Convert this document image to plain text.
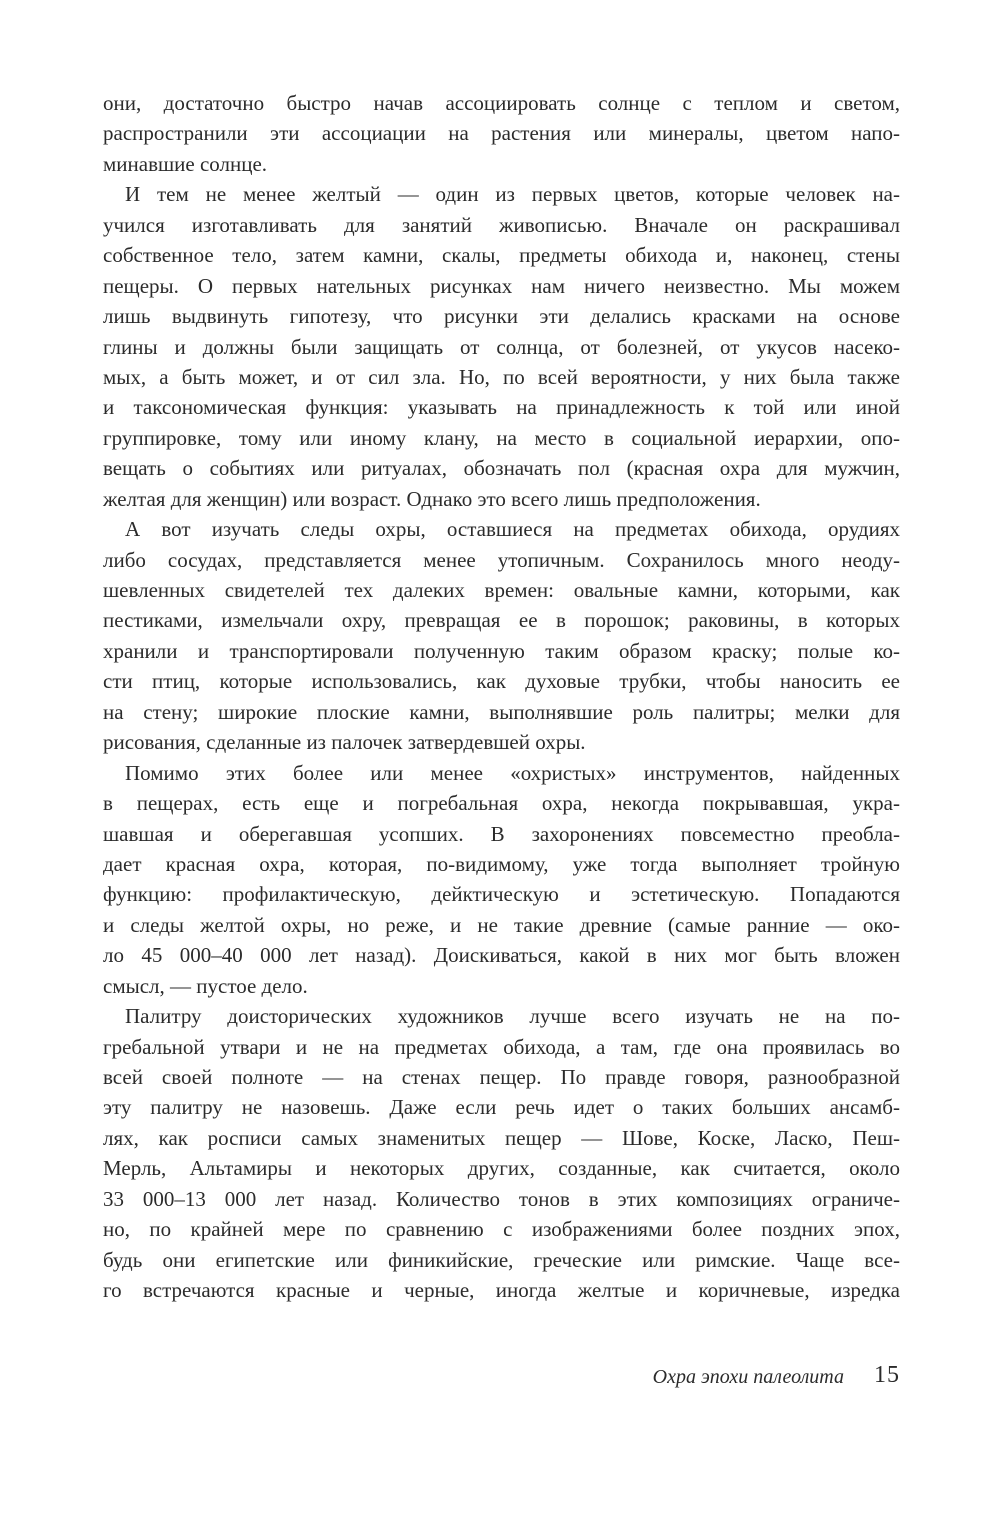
они, достаточно быстро начав ассоциировать солнце с теплом и светом,
распространили эти ассоциации на растения или минералы, цветом напо-
минавшие солнце.
И тем не менее желтый — один из первых цветов, которые человек на-
учился изготавливать для занятий живописью. Вначале он раскрашивал
собственное тело, затем камни, скалы, предметы обихода и, наконец, стены
пещеры. О первых нательных рисунках нам ничего неизвестно. Мы можем
лишь выдвинуть гипотезу, что рисунки эти делались красками на основе
глины и должны были защищать от солнца, от болезней, от укусов насеко-
мых, а быть может, и от сил зла. Но, по всей вероятности, у них была также
и таксономическая функция: указывать на принадлежность к той или иной
группировке, тому или иному клану, на место в социальной иерархии, опо-
вещать о событиях или ритуалах, обозначать пол (красная охра для мужчин,
желтая для женщин) или возраст. Однако это всего лишь предположения.
А вот изучать следы охры, оставшиеся на предметах обихода, орудиях
либо сосудах, представляется менее утопичным. Сохранилось много неоду-
шевленных свидетелей тех далеких времен: овальные камни, которыми, как
пестиками, измельчали охру, превращая ее в порошок; раковины, в которых
хранили и транспортировали полученную таким образом краску; полые ко-
сти птиц, которые использовались, как духовые трубки, чтобы наносить ее
на стену; широкие плоские камни, выполнявшие роль палитры; мелки для
рисования, сделанные из палочек затвердевшей охры.
Помимо этих более или менее «охристых» инструментов, найденных
в пещерах, есть еще и погребальная охра, некогда покрывавшая, укра-
шавшая и оберегавшая усопших. В захоронениях повсеместно преобла-
дает красная охра, которая, по-видимому, уже тогда выполняет тройную
функцию: профилактическую, дейктическую и эстетическую. Попадаются
и следы желтой охры, но реже, и не такие древние (самые ранние — око-
ло 45 000–40 000 лет назад). Доискиваться, какой в них мог быть вложен
смысл, — пустое дело.
Палитру доисторических художников лучше всего изучать не на по-
гребальной утвари и не на предметах обихода, а там, где она проявилась во
всей своей полноте — на стенах пещер. По правде говоря, разнообразной
эту палитру не назовешь. Даже если речь идет о таких больших ансамб-
лях, как росписи самых знаменитых пещер — Шове, Коске, Ласко, Пеш-
Мерль, Альтамиры и некоторых других, созданные, как считается, около
33 000–13 000 лет назад. Количество тонов в этих композициях ограниче-
но, по крайней мере по сравнению с изображениями более поздних эпох,
будь они египетские или финикийские, греческие или римские. Чаще все-
го встречаются красные и черные, иногда желтые и коричневые, изредка
Охра эпохи палеолита 15
